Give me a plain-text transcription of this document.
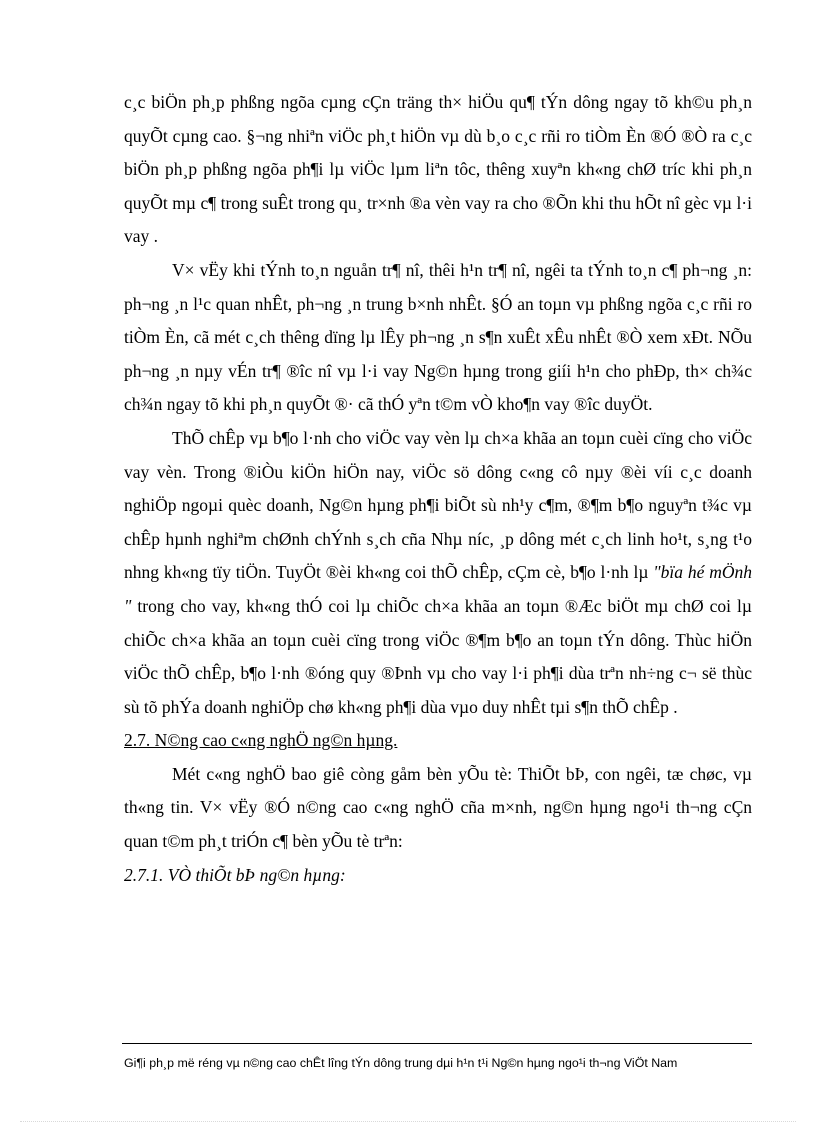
c¸c biÖn ph¸p phßng ngõa cµng cÇn träng th× hiÖu qu¶ tÝn dông ngay tõ kh©u ph¸n quyÕt cµng cao. §¬ng nhiªn viÖc ph¸t hiÖn vµ dù b¸o c¸c rñi ro tiÒm Èn ®Ó ®Ò ra c¸c biÖn ph¸p phßng ngõa ph¶i lµ viÖc lµm liªn tôc, thêng xuyªn kh«ng chØ tríc khi ph¸n quyÕt mµ c¶ trong suÊt trong qu¸ tr×nh ®a vèn vay ra cho ®Õn khi thu hÕt nî gèc vµ l·i vay .

V× vËy khi tÝnh to¸n nguån tr¶ nî, thêi h¹n tr¶ nî, ngêi ta tÝnh to¸n c¶ ph¬ng ¸n: ph¬ng ¸n l¹c quan nhÊt, ph¬ng ¸n trung b×nh nhÊt. §Ó an toµn vµ phßng ngõa c¸c rñi ro tiÒm Èn, cã mét c¸ch thêng dïng lµ lÊy ph¬ng ¸n s¶n xuÊt xÊu nhÊt ®Ò xem xÐt. NÕu ph¬ng ¸n nµy vÉn tr¶ ®îc nî vµ l·i vay Ng©n hµng trong giíi h¹n cho phÐp, th× ch¾c ch¾n ngay tõ khi ph¸n quyÕt ®· cã thÓ yªn t©m vÒ kho¶n vay ®îc duyÖt.

ThÕ chÊp vµ b¶o l·nh cho viÖc vay vèn lµ ch×a khãa an toµn cuèi cïng cho viÖc vay vèn. Trong ®iÒu kiÖn hiÖn nay, viÖc sö dông c«ng cô nµy ®èi víi c¸c doanh nghiÖp ngoµi quèc doanh, Ng©n hµng ph¶i biÕt sù nh¹y c¶m, ®¶m b¶o nguyªn t¾c vµ chÊp hµnh nghiªm chØnh chÝnh s¸ch cña Nhµ níc, ¸p dông mét c¸ch linh ho¹t, s¸ng t¹o nhng kh«ng tïy tiÖn. TuyÖt ®èi kh«ng coi thÕ chÊp, cÇm cè, b¶o l·nh lµ "bïa hé mÖnh " trong cho vay, kh«ng thÓ coi lµ chiÕc ch×a khãa an toµn ®Æc biÖt mµ chØ coi lµ chiÕc ch×a khãa an toµn cuèi cïng trong viÖc ®¶m b¶o an toµn tÝn dông. Thùc hiÖn viÖc thÕ chÊp, b¶o l·nh ®óng quy ®Þnh vµ cho vay l·i ph¶i dùa trªn nh÷ng c¬ së thùc sù tõ phÝa doanh nghiÖp chø kh«ng ph¶i dùa vµo duy nhÊt tµi s¶n thÕ chÊp .

2.7. N©ng cao c«ng nghÖ ng©n hµng.

Mét c«ng nghÖ bao giê còng gåm bèn yÕu tè: ThiÕt bÞ, con ngêi, tæ chøc, vµ th«ng tin. V× vËy ®Ó n©ng cao c«ng nghÖ cña m×nh, ng©n hµng ngo¹i th¬ng cÇn quan t©m ph¸t triÓn c¶ bèn yÕu tè trªn:

2.7.1. VÒ thiÕt bÞ ng©n hµng:

Gi¶i ph¸p më réng vµ n©ng cao chÊt lîng tÝn dông trung dµi h¹n t¹i Ng©n hµng ngo¹i th¬ng ViÖt Nam
